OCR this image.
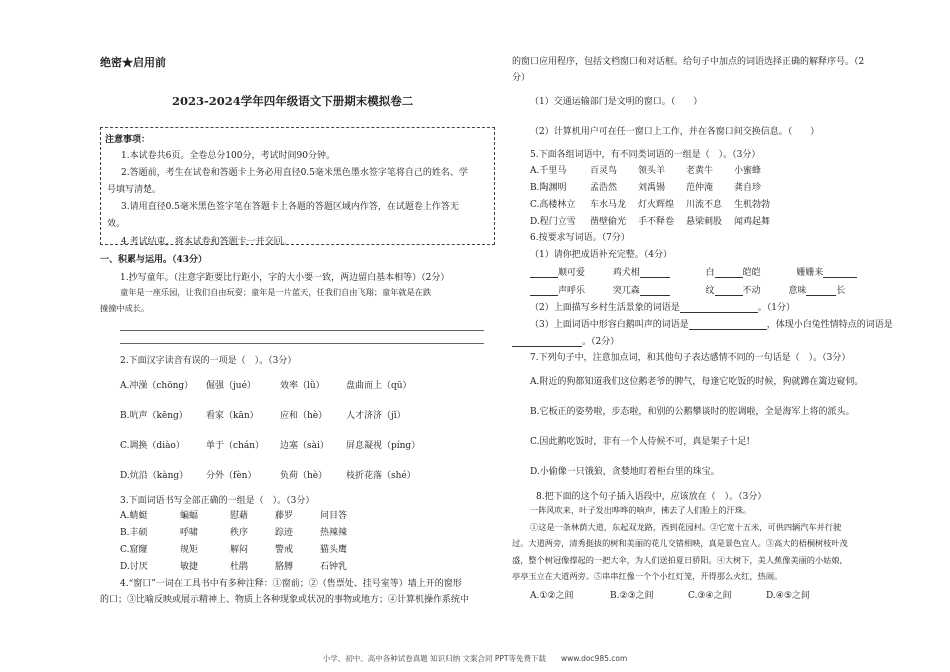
绝密★启用前
2023-2024学年四年级语文下册期末模拟卷二
注意事项：
1.本试卷共6页。全卷总分100分，考试时间90分钟。
2.答题前，考生在试卷和答题卡上务必用直径0.5毫米黑色墨水签字笔将自己的姓名、学
号填写清楚。
3.请用直径0.5毫米黑色签字笔在答题卡上各题的答题区域内作答，在试题卷上作答无
效。
4.考试结束，将本试卷和答题卡一并交回。
一、积累与运用。（43分）
1.抄写童年。（注意字距要比行距小，字的大小要一致，两边留白基本相等）（2分）
童年是一座乐园，让我们自由玩耍；童年是一片蓝天，任我们自由飞翔；童年就是在跌
撞撞中成长。
2.下面汉字读音有误的一项是（　）。（3分）
A.冲澡（chōng） 倔强（jué）	效率（lǜ） 盘曲而上（qū）
B.吭声（kēng） 看家（kān） 应和（hè） 人才济济（jǐ）
C.调换（diào） 单于（chán） 边塞（sài） 屏息凝视（píng）
D.炕沿（kàng） 分外（fèn）	负荷（hè） 枝折花落（shé）
3.下面词语书写全部正确的一组是（　）。（3分）
A.蜻蜓	蝙蝠	慰藉	藤罗	问目答
B.丰硕	呼啸	秩序	踪迹	热辣辣
C.窟窿	规矩	解闷	警戒	猫头鹰
D.讨厌	敏捷	杜鹃	胳膊	石钟乳
4.“窗口”一词在工具书中有多种注释：①窗前；②（售票处、挂号室等）墙上开的窗形
的口；③比喻反映或展示精神上、物质上各种现象或状况的事物或地方；④计算机操作系统中
的窗口应用程序，包括文档窗口和对话框。给句子中加点的词语选择正确的解释序号。（2
分）
（1）交通运输部门是文明的窗口。（　　）
（2）计算机用户可在任一窗口上工作，并在各窗口间交换信息。（　　）
5.下面各组词语中，有不同类词语的一组是（　）。（3分）
A.千里马	百灵鸟 领头羊 老黄牛 小蜜蜂
B.陶渊明	孟浩然 刘禹锡 范仲淹 龚自珍
C.高楼林立 车水马龙 灯火辉煌 川流不息 生机勃勃
D.程门立雪 凿壁偷光 手不释卷 悬梁刺股 闻鸡起舞
6.按要求写词语。（7分）
（1）请你把成语补充完整。（4分）
顺可爱	鸡犬相	白	皑皑	姗姗来
声呼乐	突兀森	纹	不动	意味	长
（2）上面描写乡村生活景象的词语是	。（1分）
（3）上面词语中形容白鹅叫声的词语是	，体现小白兔性情特点的词语是
。（2分）
7.下列句子中，注意加点词，和其他句子表达感情不同的一句话是（　）。（3分）
A.附近的狗都知道我们这位鹅老爷的脾气，每逢它吃饭的时候，狗就蹲在篱边窥伺。
B.它板正的姿势啦，步态啦，和别的公鹅攀谈时的腔调啦，全是海军上将的派头。
C.因此鹅吃饭时，非有一个人侍候不可，真是架子十足!
D.小偷像一只饿狼，贪婪地盯着柜台里的珠宝。
8.把下面的这个句子插入语段中，应该放在（　）。（3分）
一阵风吹来，叶子发出哗哗的响声，拂去了人们脸上的汗珠。
①这是一条林荫大道，东起双龙路，西到花园村。②它宽十五米，可供四辆汽车并行驶
过。大道两旁，清秀挺拔的树和美丽的花儿交错相映，真是景色宜人。③高大的梧桐树枝叶茂
盛，整个树冠像撑起的一把大伞，为人们送拍夏日骄阳。④大树下，美人蕉像美丽的小姑娘，
亭亭玉立在大道两旁。⑤串串红像一个个小红灯笼，开得那么火红，热闹。
A.①②之间	B.②③之间	C.③④之间	D.④⑤之间
小学、初中、高中各种试卷真题 知识归纳 文案合同 PPT等免费下载　　www.doc985.com
